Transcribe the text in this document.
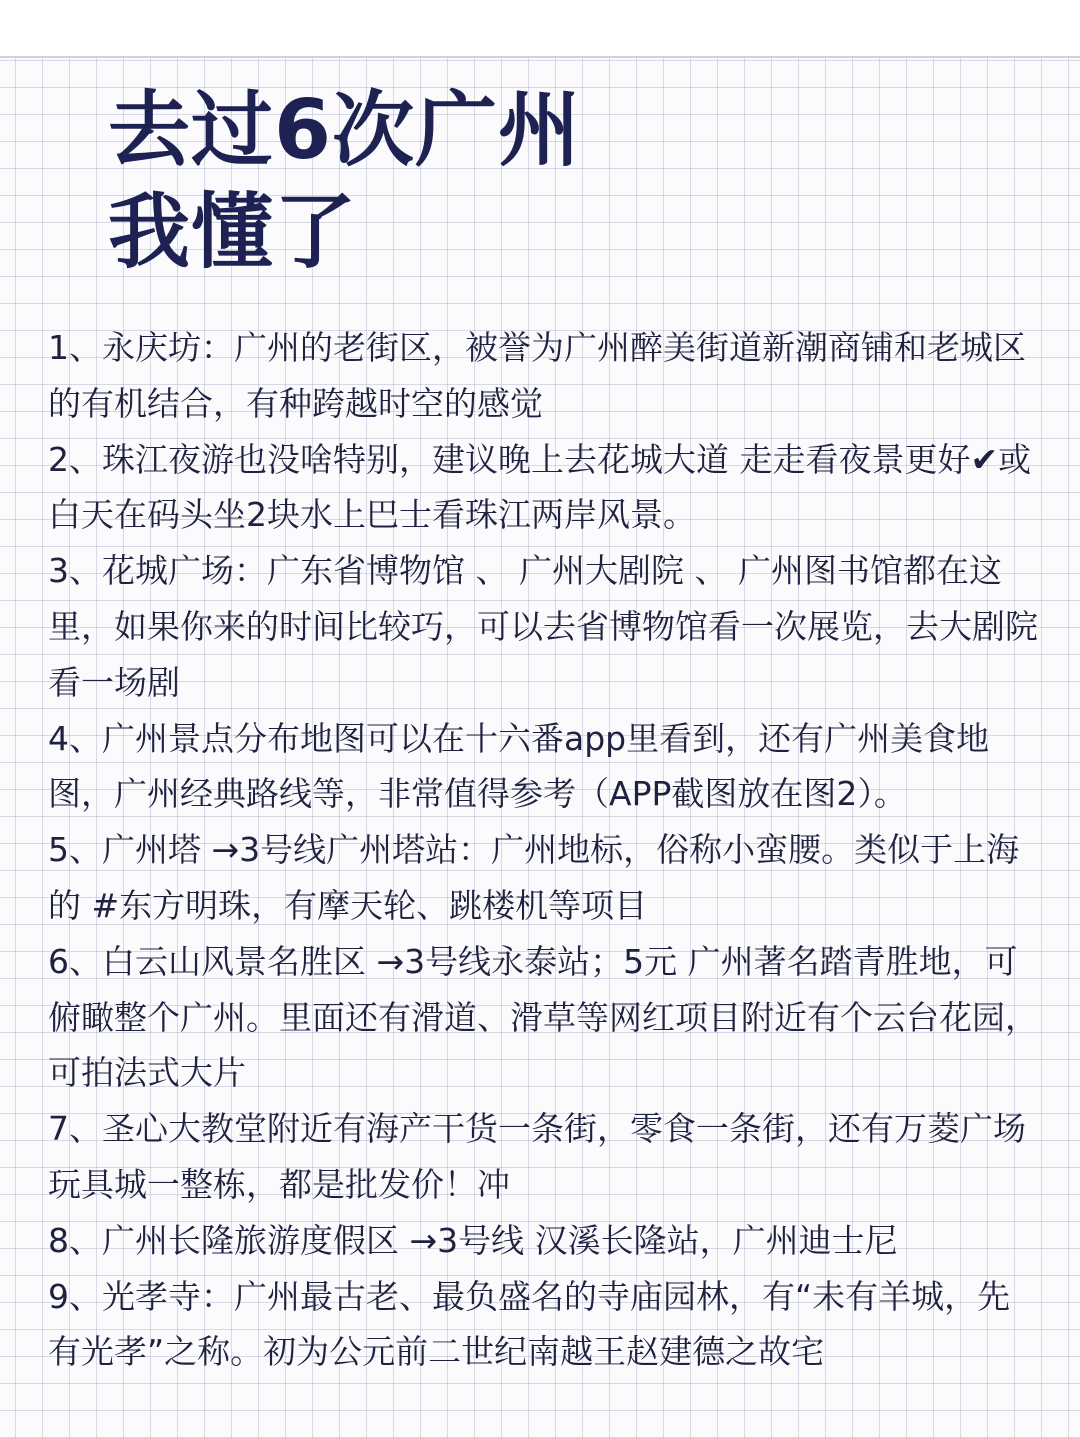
去过6次广州
我懂了

1、永庆坊：广州的老街区，被誉为广州醉美街道新潮商铺和老城区的有机结合，有种跨越时空的感觉

2、珠江夜游也没啥特别，建议晚上去花城大道 走走看夜景更好✔或白天在码头坐2块水上巴士看珠江两岸风景。

3、花城广场：广东省博物馆 、 广州大剧院 、 广州图书馆都在这里，如果你来的时间比较巧，可以去省博物馆看一次展览，去大剧院看一场剧

4、广州景点分布地图可以在十六番app里看到，还有广州美食地图，广州经典路线等，非常值得参考（APP截图放在图2）。

5、广州塔 →3号线广州塔站：广州地标，俗称小蛮腰。类似于上海的 #东方明珠，有摩天轮、跳楼机等项目

6、白云山风景名胜区 →3号线永泰站；5元 广州著名踏青胜地，可俯瞰整个广州。里面还有滑道、滑草等网红项目附近有个云台花园，可拍法式大片

7、圣心大教堂附近有海产干货一条街，零食一条街，还有万菱广场玩具城一整栋，都是批发价！冲

8、广州长隆旅游度假区 →3号线 汉溪长隆站，广州迪士尼

9、光孝寺：广州最古老、最负盛名的寺庙园林，有“未有羊城，先有光孝”之称。初为公元前二世纪南越王赵建德之故宅
